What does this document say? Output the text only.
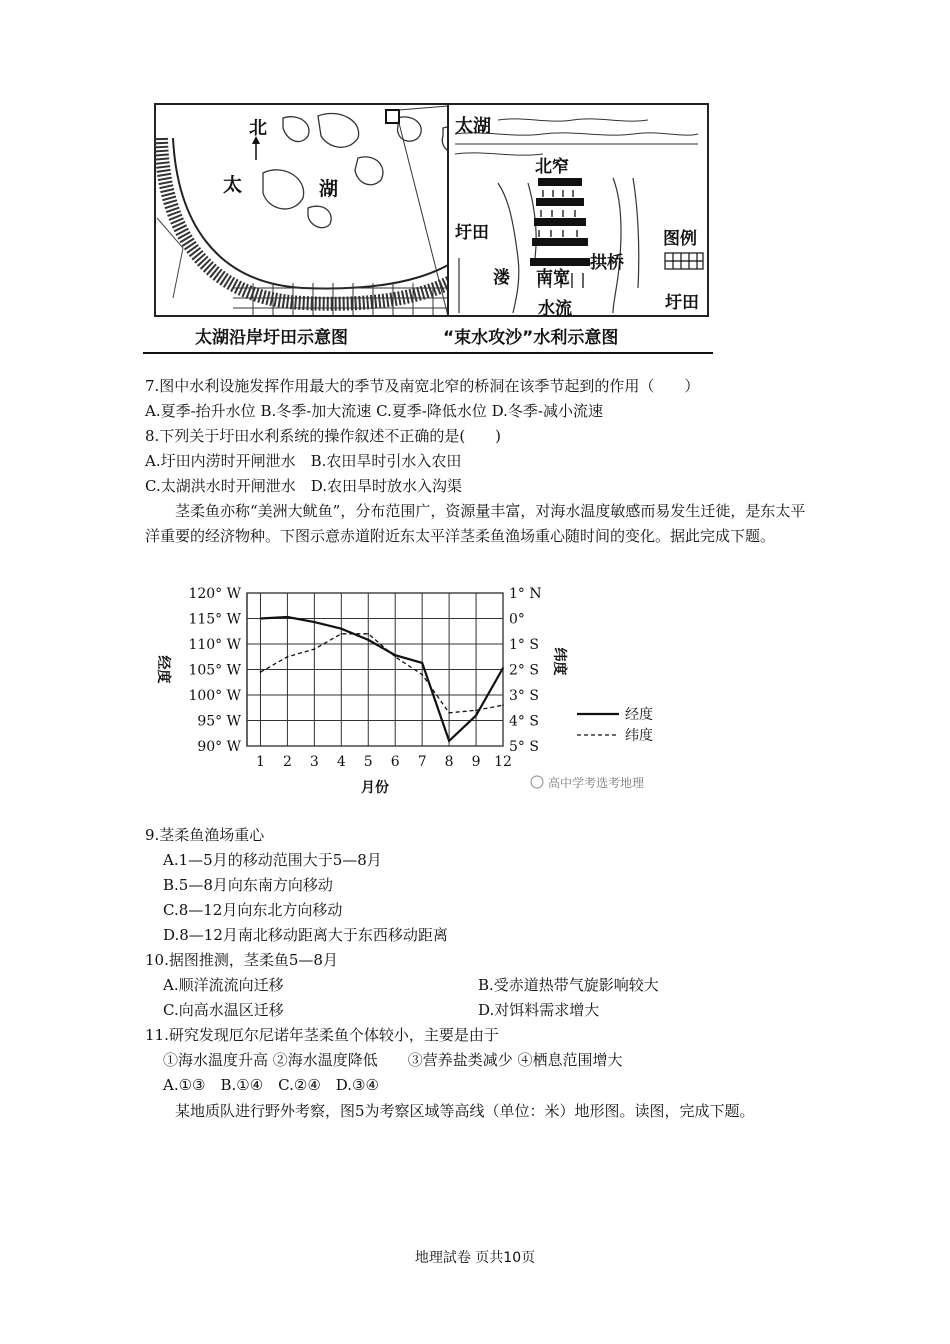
北
太	湖
太湖
北窄
圩田
溇 南宽
拱桥
水流
图例
圩田
太湖沿岸圩田示意图	“束水攻沙”水利示意图
7.图中水利设施发挥作用最大的季节及南宽北窄的桥洞在该季节起到的作用（　　）
A.夏季-抬升水位 B.冬季-加大流速 C.夏季-降低水位 D.冬季-减小流速
8.下列关于圩田水利系统的操作叙述不正确的是(　　)
A.圩田内涝时开闸泄水　B.农田旱时引水入农田
C.太湖洪水时开闸泄水　D.农田旱时放水入沟渠
茎柔鱼亦称“美洲大鱿鱼”，分布范围广，资源量丰富，对海水温度敏感而易发生迁徙，是东太平洋重要的经济物种。下图示意赤道附近东太平洋茎柔鱼渔场重心随时间的变化。据此完成下题。
120° W	1° N
115° W	0°
110° W	1° S
105° W	2° S
100° W	3° S
95° W	4° S
90° W	5° S
1 2 3 4 5 6 7 8 9 12
月份
经度	纬度
经度
纬度
高中学考选考地理
9.茎柔鱼渔场重心
A.1—5月的移动范围大于5—8月
B.5—8月向东南方向移动
C.8—12月向东北方向移动
D.8—12月南北移动距离大于东西移动距离
10.据图推测，茎柔鱼5—8月
A.顺洋流流向迁移	B.受赤道热带气旋影响较大
C.向高水温区迁移	D.对饵料需求增大
11.研究发现厄尔尼诺年茎柔鱼个体较小，主要是由于
①海水温度升高 ②海水温度降低　　③营养盐类减少 ④栖息范围增大
A.①③　B.①④　C.②④　D.③④
某地质队进行野外考察，图5为考察区域等高线（单位：米）地形图。读图，完成下题。
地理試卷 页共10页
